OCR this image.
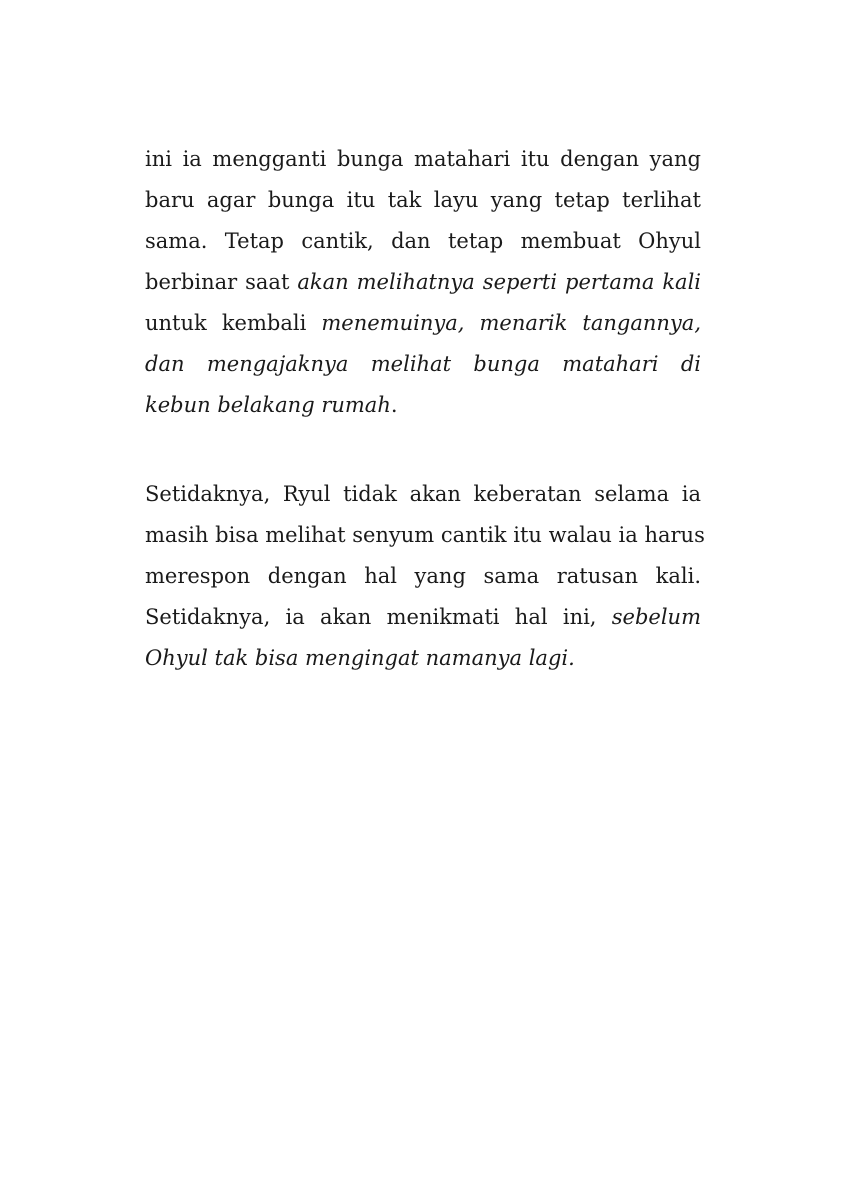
ini ia mengganti bunga matahari itu dengan yang
baru agar bunga itu tak layu yang tetap terlihat
sama. Tetap cantik, dan tetap membuat Ohyul
berbinar saat akan melihatnya seperti pertama kali
untuk kembali menemuinya, menarik tangannya,
dan mengajaknya melihat bunga matahari di
kebun belakang rumah.
Setidaknya, Ryul tidak akan keberatan selama ia
masih bisa melihat senyum cantik itu walau ia harus
merespon dengan hal yang sama ratusan kali.
Setidaknya, ia akan menikmati hal ini, sebelum
Ohyul tak bisa mengingat namanya lagi.
